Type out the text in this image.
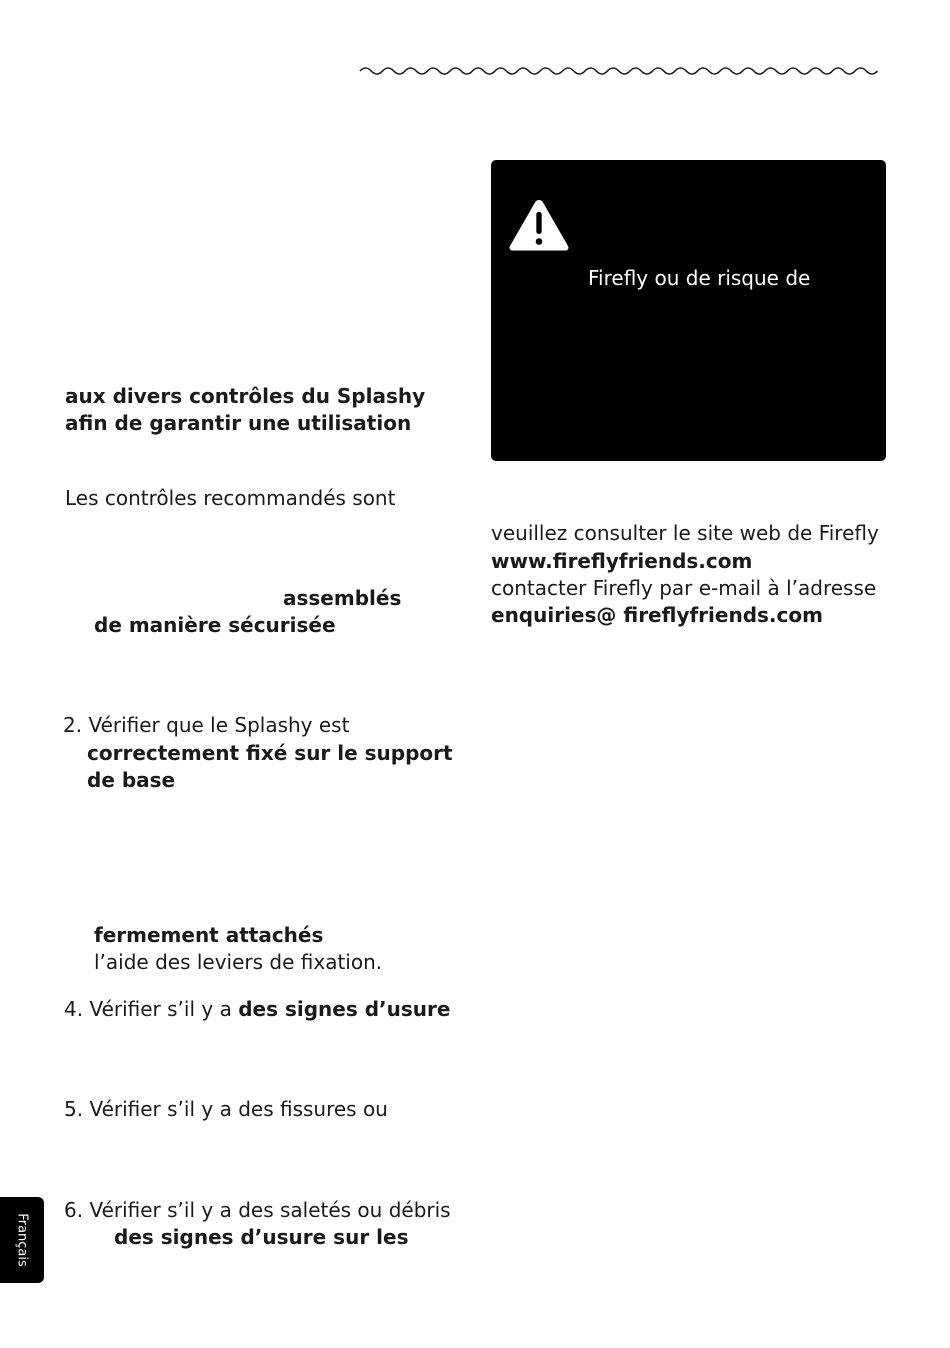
aux divers contrôles du Splashy

afin de garantir une utilisation

Les contrôles recommandés sont

assemblés

de manière sécurisée

2. Vérifier que le Splashy est

correctement fixé sur le support

de base

fermement attachés

l’aide des leviers de fixation.

4. Vérifier s’il y a des signes d’usure

5. Vérifier s’il y a des fissures ou

6. Vérifier s’il y a des saletés ou débris

des signes d’usure sur les

Firefly ou de risque de

veuillez consulter le site web de Firefly

www.fireflyfriends.com

contacter Firefly par e-mail à l’adresse

enquiries@ fireflyfriends.com

Français
